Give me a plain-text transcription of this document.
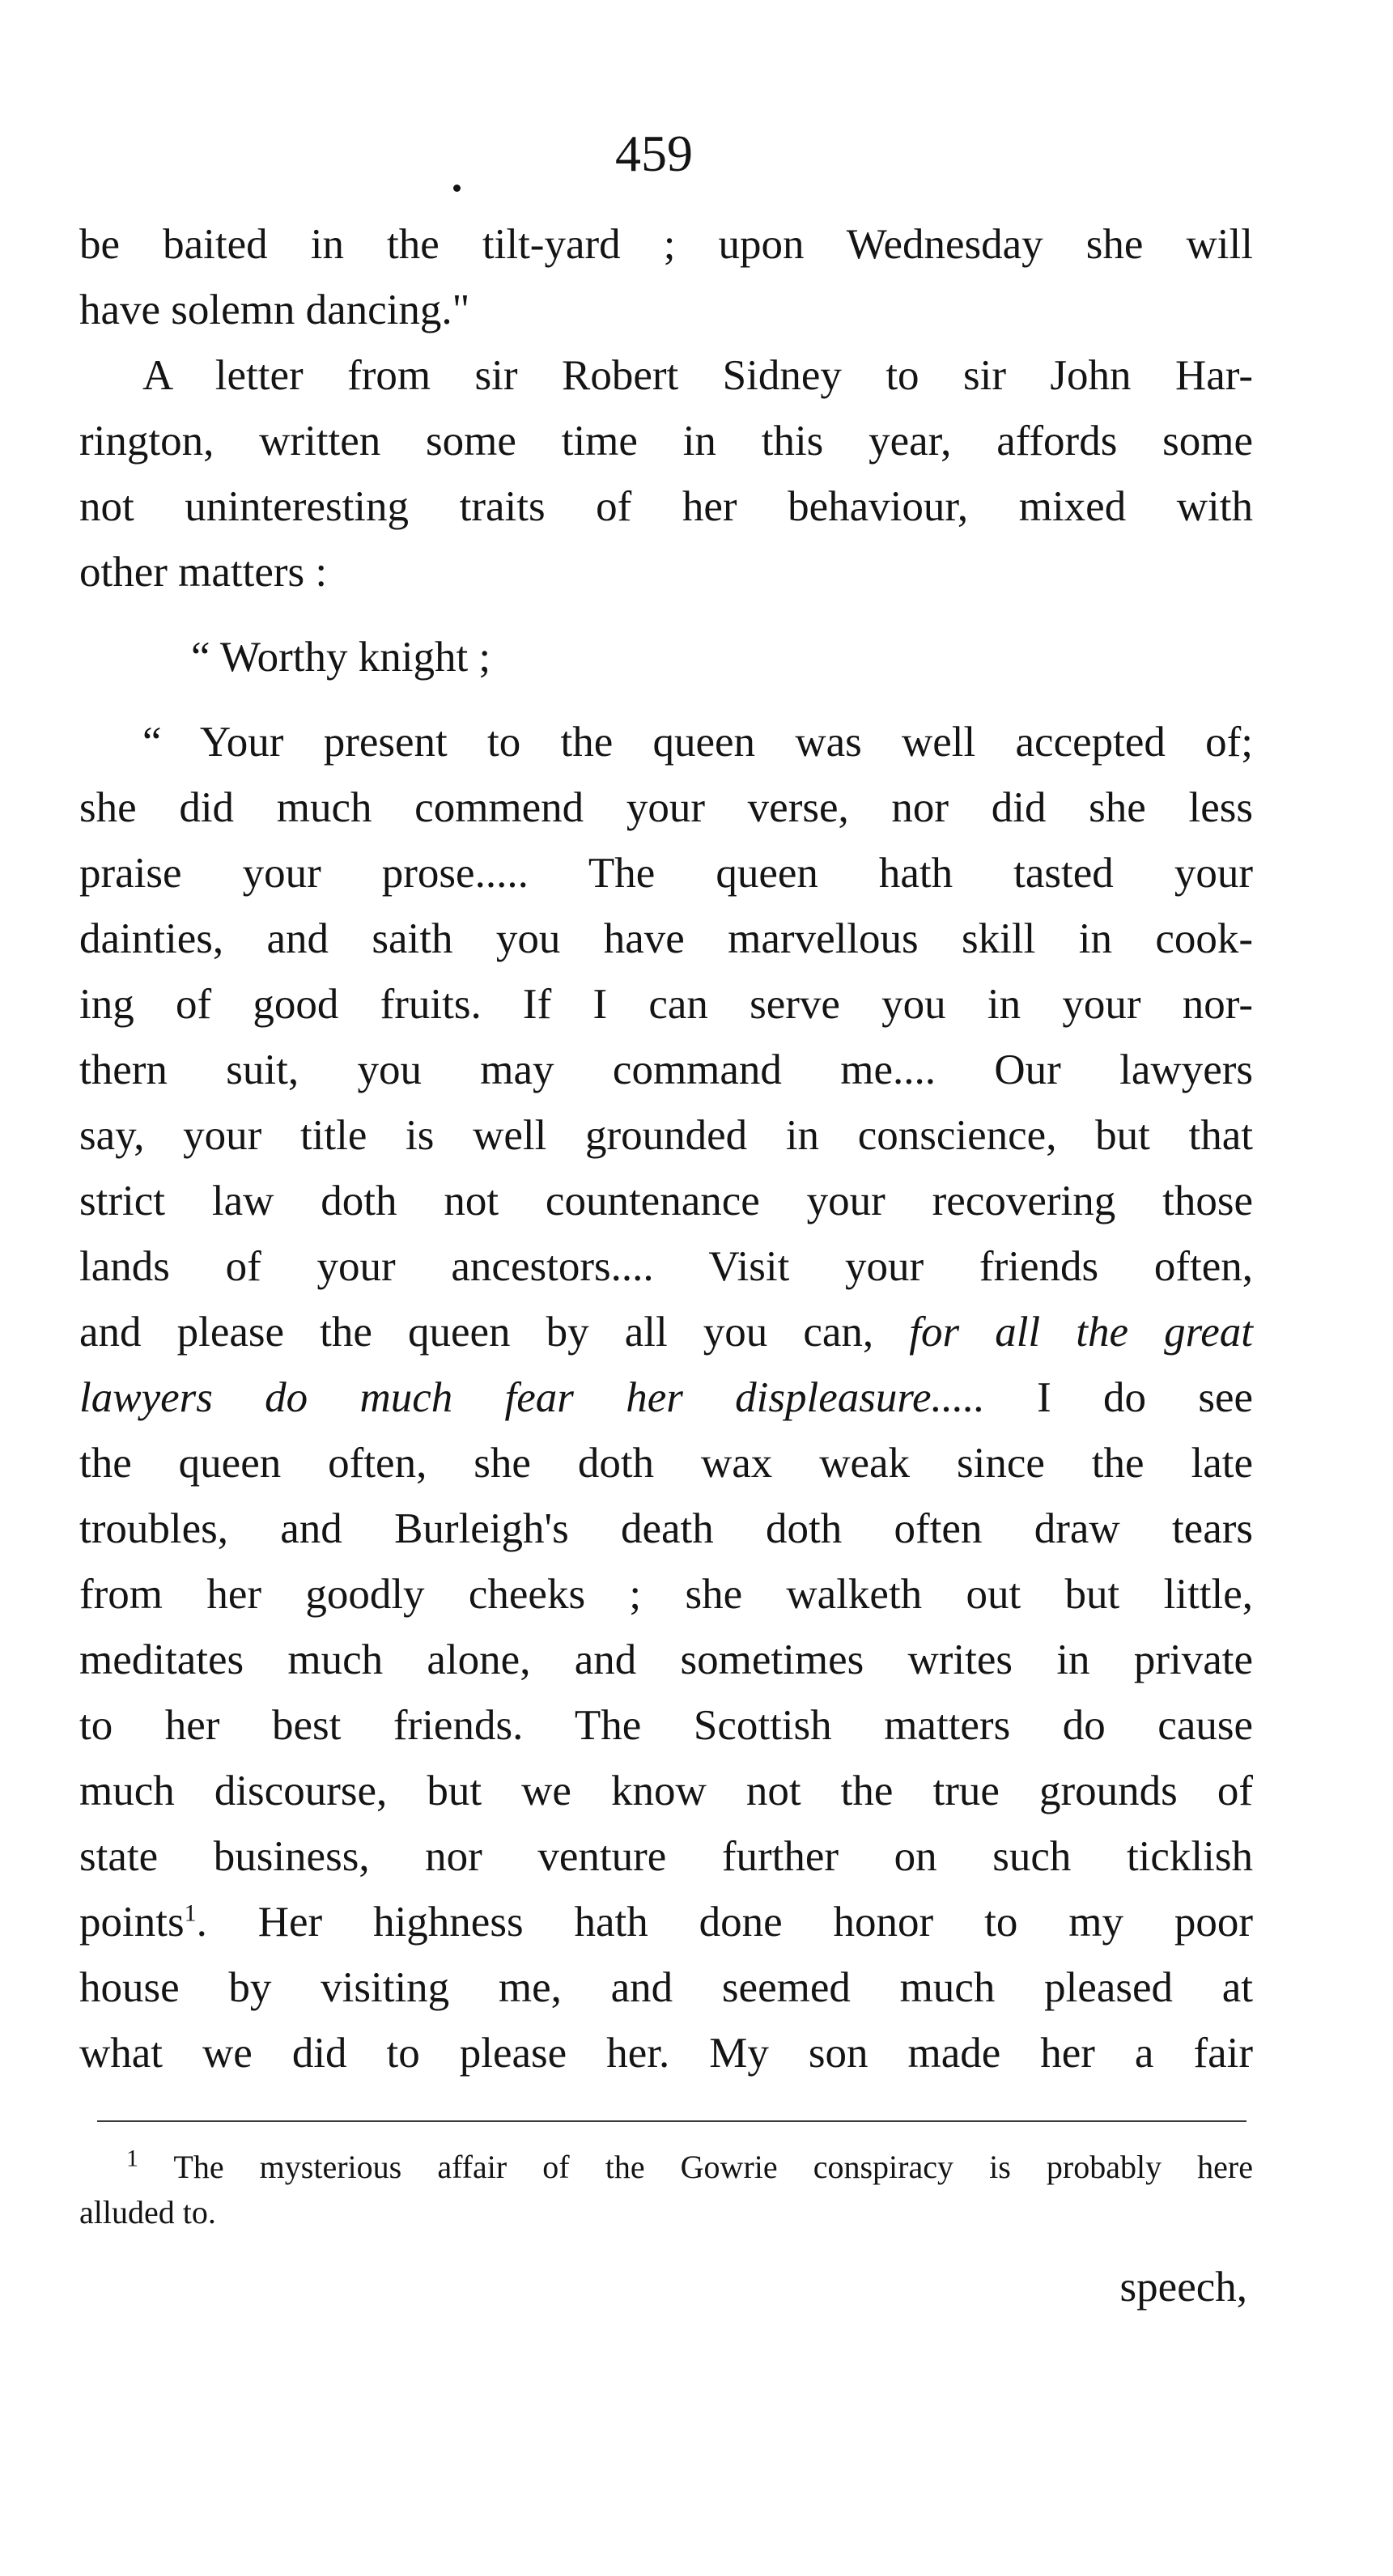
459
be baited in the tilt-yard ; upon Wednesday she will
have solemn dancing."
A letter from sir Robert Sidney to sir John Har-
rington, written some time in this year, affords some
not uninteresting traits of her behaviour, mixed with
other matters :
“ Worthy knight ;
“ Your present to the queen was well accepted of;
she did much commend your verse, nor did she less
praise your prose..... The queen hath tasted your
dainties, and saith you have marvellous skill in cook-
ing of good fruits. If I can serve you in your nor-
thern suit, you may command me.... Our lawyers
say, your title is well grounded in conscience, but that
strict law doth not countenance your recovering those
lands of your ancestors.... Visit your friends often,
and please the queen by all you can, for all the great
lawyers do much fear her displeasure..... I do see
the queen often, she doth wax weak since the late
troubles, and Burleigh's death doth often draw tears
from her goodly cheeks ; she walketh out but little,
meditates much alone, and sometimes writes in private
to her best friends. The Scottish matters do cause
much discourse, but we know not the true grounds of
state business, nor venture further on such ticklish
points$^1$. Her highness hath done honor to my poor
house by visiting me, and seemed much pleased at
what we did to please her. My son made her a fair
$^1$ The mysterious affair of the Gowrie conspiracy is probably here
alluded to.
speech,
